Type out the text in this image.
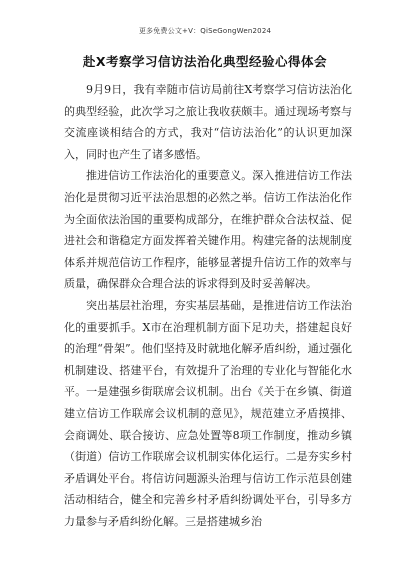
更多免费公文+V：QiSeGongWen2024
赴X考察学习信访法治化典型经验心得体会

9月9日，我有幸随市信访局前往X考察学习信访法治化的典型经验，此次学习之旅让我收获颇丰。通过现场考察与交流座谈相结合的方式，我对“信访法治化”的认识更加深入，同时也产生了诸多感悟。

推进信访工作法治化的重要意义。深入推进信访工作法治化是贯彻习近平法治思想的必然之举。信访工作法治化作为全面依法治国的重要构成部分，在维护群众合法权益、促进社会和谐稳定方面发挥着关键作用。构建完备的法规制度体系并规范信访工作程序，能够显著提升信访工作的效率与质量，确保群众合理合法的诉求得到及时妥善解决。

突出基层社治理，夯实基层基础，是推进信访工作法治化的重要抓手。X市在治理机制方面下足功夫，搭建起良好的治理“骨架”。他们坚持及时就地化解矛盾纠纷，通过强化机制建设、搭建平台，有效提升了治理的专业化与智能化水平。一是建强乡街联席会议机制。出台《关于在乡镇、街道建立信访工作联席会议机制的意见》，规范建立矛盾摸排、会商调处、联合接访、应急处置等8项工作制度，推动乡镇（街道）信访工作联席会议机制实体化运行。二是夯实乡村矛盾调处平台。将信访问题源头治理与信访工作示范县创建活动相结合，健全和完善乡村矛盾纠纷调处平台，引导多方力量参与矛盾纠纷化解。三是搭建城乡治
